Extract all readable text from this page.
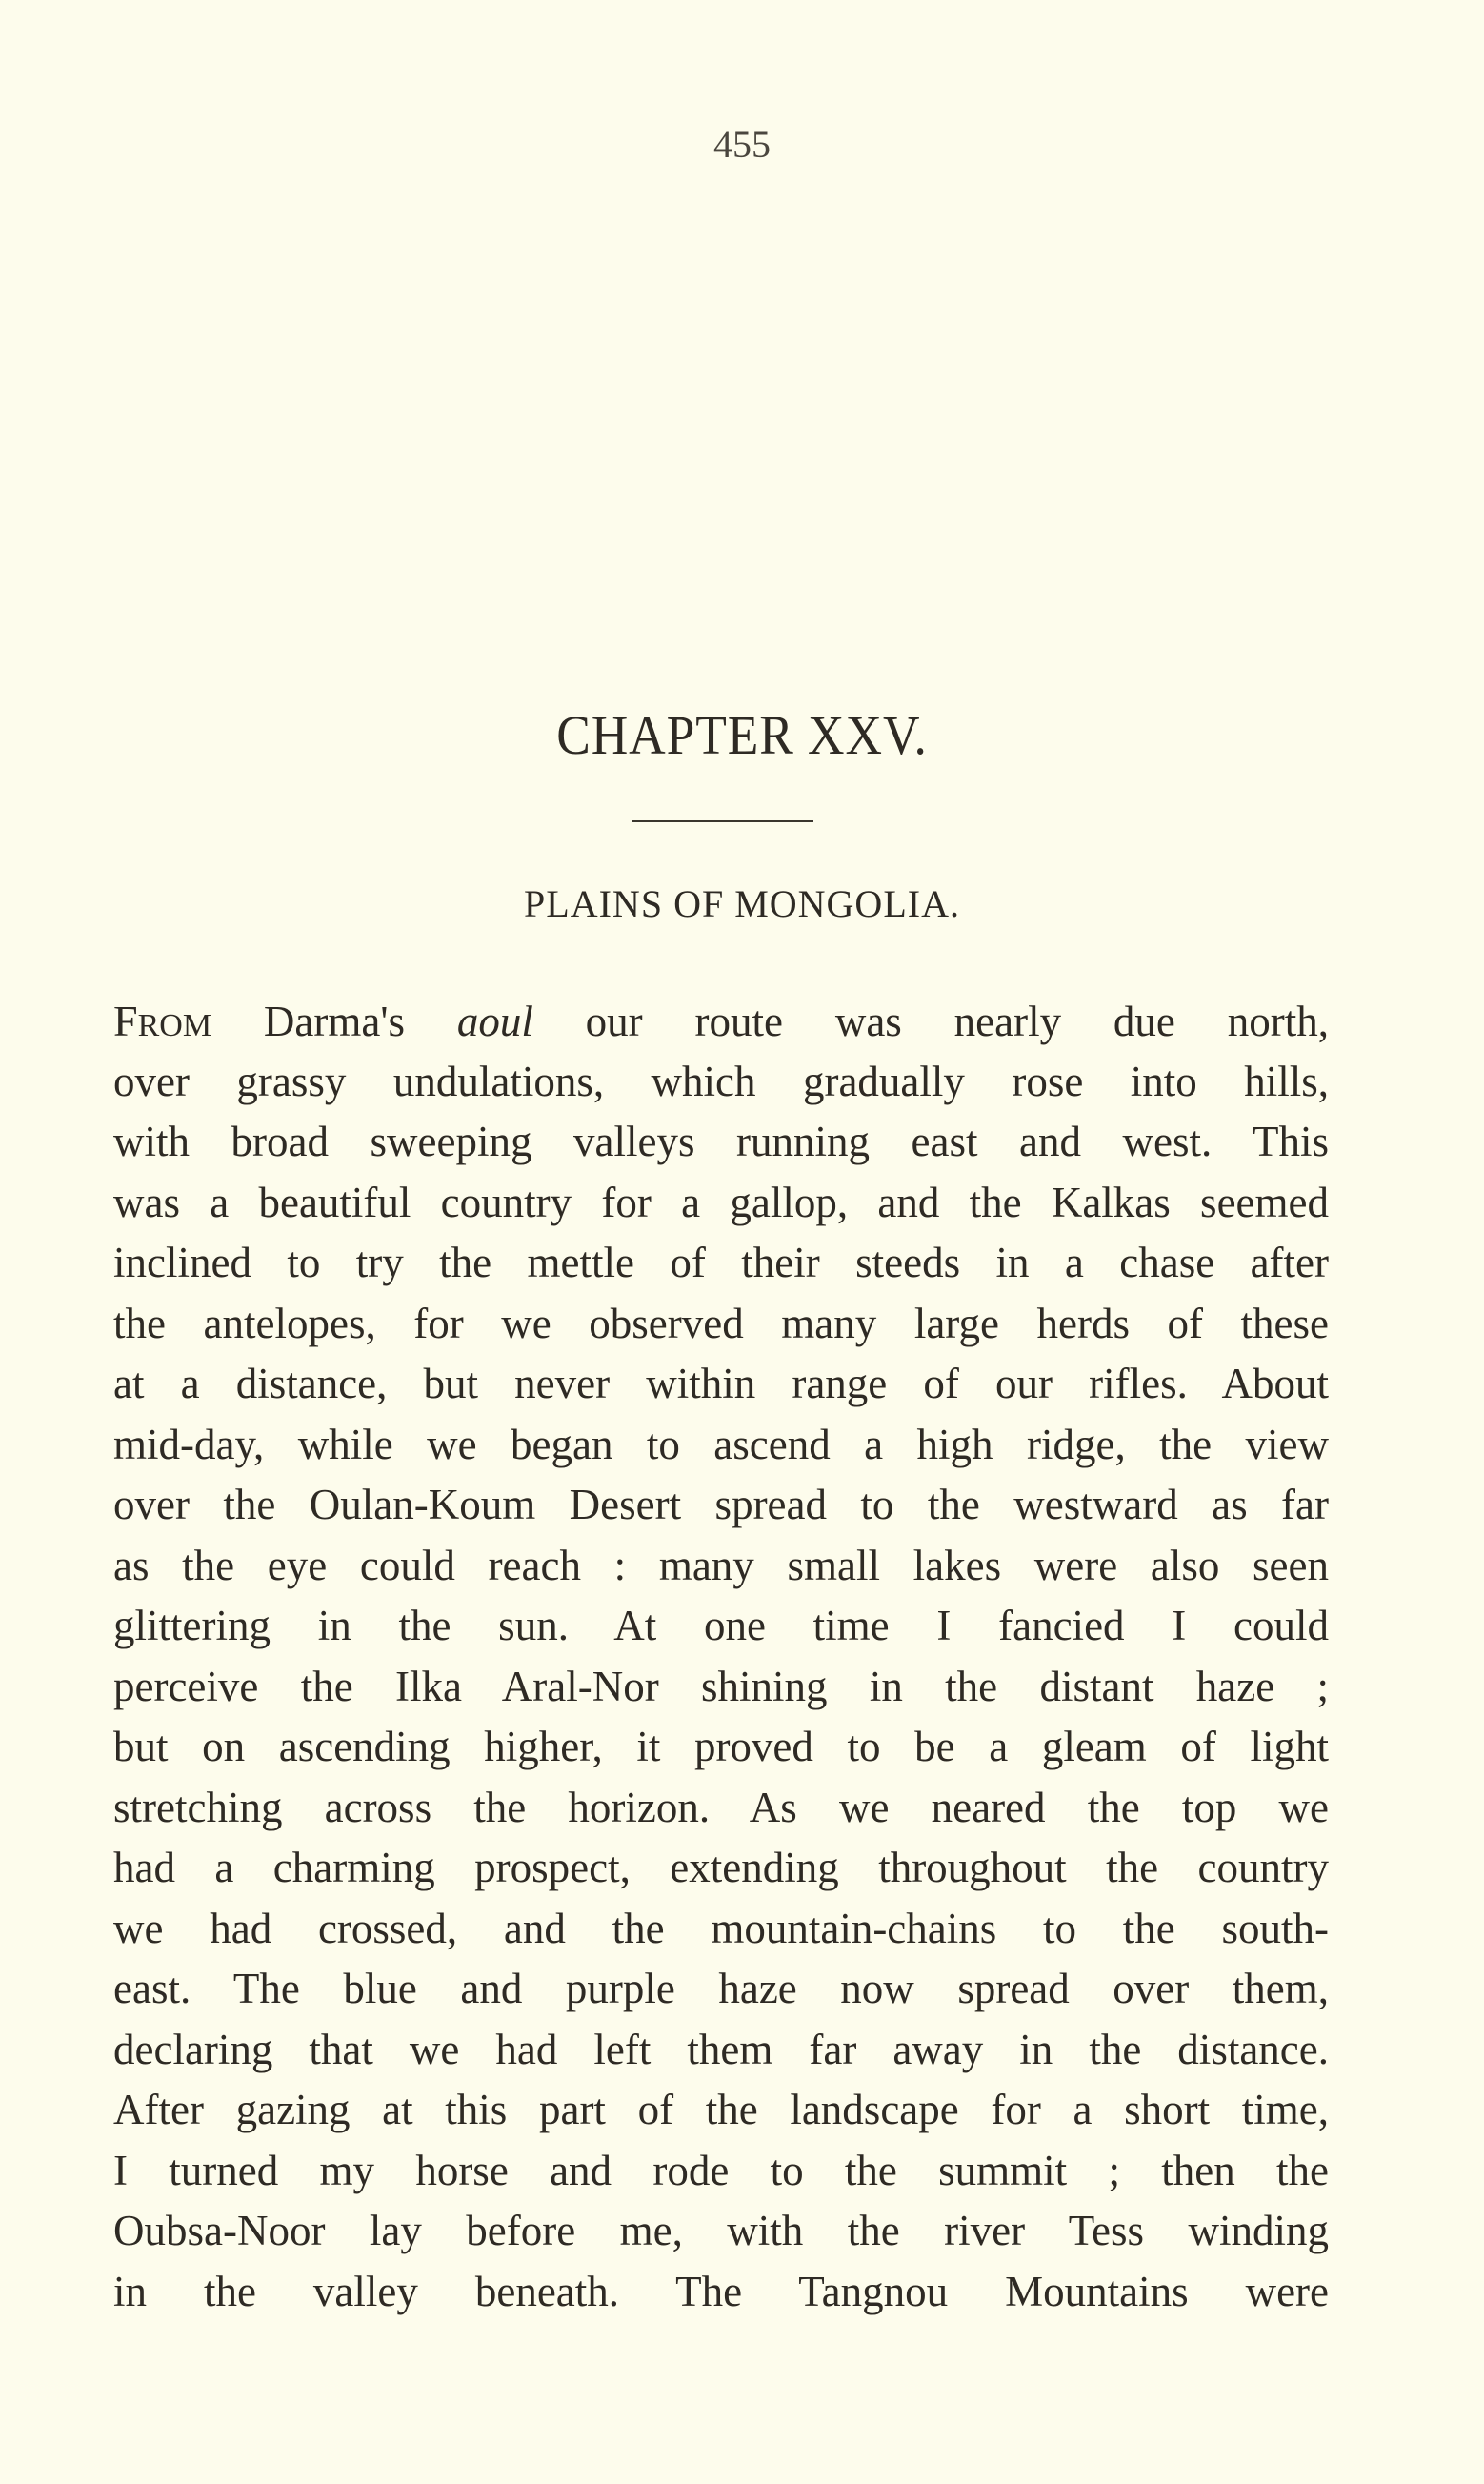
455
CHAPTER XXV.
PLAINS OF MONGOLIA.
FROM Darma's aoul our route was nearly due north,
over grassy undulations, which gradually rose into hills,
with broad sweeping valleys running east and west. This
was a beautiful country for a gallop, and the Kalkas seemed
inclined to try the mettle of their steeds in a chase after
the antelopes, for we observed many large herds of these
at a distance, but never within range of our rifles. About
mid-day, while we began to ascend a high ridge, the view
over the Oulan-Koum Desert spread to the westward as far
as the eye could reach : many small lakes were also seen
glittering in the sun. At one time I fancied I could
perceive the Ilka Aral-Nor shining in the distant haze ;
but on ascending higher, it proved to be a gleam of light
stretching across the horizon. As we neared the top we
had a charming prospect, extending throughout the country
we had crossed, and the mountain-chains to the south-
east. The blue and purple haze now spread over them,
declaring that we had left them far away in the distance.
After gazing at this part of the landscape for a short time,
I turned my horse and rode to the summit ; then the
Oubsa-Noor lay before me, with the river Tess winding
in the valley beneath. The Tangnou Mountains were
